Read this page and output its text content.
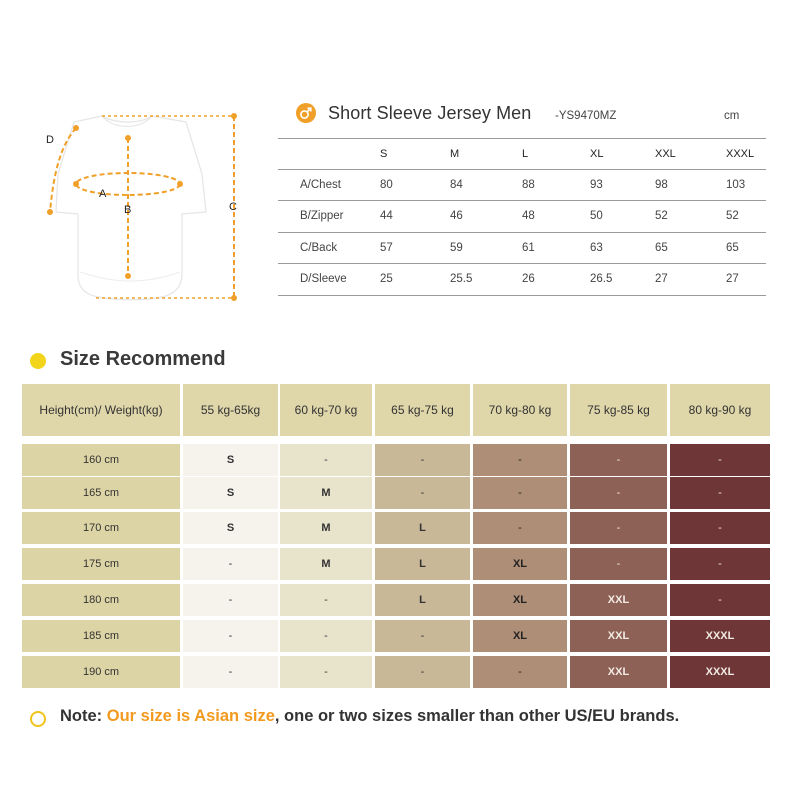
D
A
B	C
Short Sleeve Jersey Men -YS9470MZ	cm
S	M	L	XL	XXL	XXXL
A/Chest	80	84	88	93	98	103
B/Zipper	44	46	48	50	52	52
C/Back	57	59	61	63	65	65
D/Sleeve	25	25.5	26	26.5	27	27
Size Recommend
Height(cm)/ Weight(kg)	55 kg-65kg	60 kg-70 kg	65 kg-75 kg	70 kg-80 kg	75 kg-85 kg	80 kg-90 kg
160 cm	S	-	-	-	-	-
165 cm	S	M	-	-	-	-
170 cm	S	M	L	-	-	-
175 cm	-	M	L	XL	-	-
180 cm	-	-	L	XL	XXL	-
185 cm	-	-	-	XL	XXL	XXXL
190 cm	-	-	-	-	XXL	XXXL
Note: Our size is Asian size, one or two sizes smaller than other US/EU brands.
